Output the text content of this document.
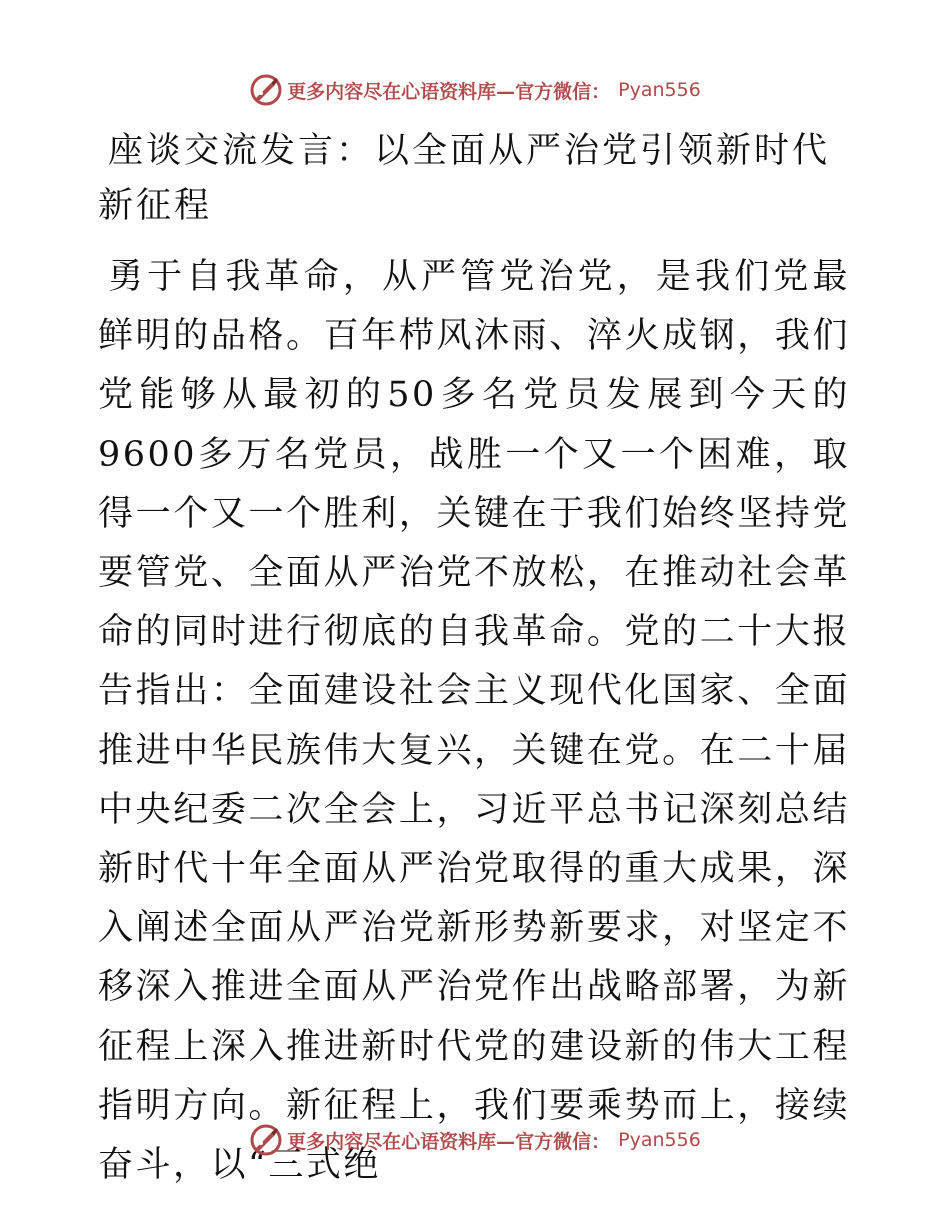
更多内容尽在心语资料库—官方微信： Pyan556
座谈交流发言：以全面从严治党引领新时代新征程

勇于自我革命，从严管党治党，是我们党最鲜明的品格。百年栉风沐雨、淬火成钢，我们党能够从最初的50多名党员发展到今天的9600多万名党员，战胜一个又一个困难，取得一个又一个胜利，关键在于我们始终坚持党要管党、全面从严治党不放松，在推动社会革命的同时进行彻底的自我革命。党的二十大报告指出：全面建设社会主义现代化国家、全面推进中华民族伟大复兴，关键在党。在二十届中央纪委二次全会上，习近平总书记深刻总结新时代十年全面从严治党取得的重大成果，深入阐述全面从严治党新形势新要求，对坚定不移深入推进全面从严治党作出战略部署，为新征程上深入推进新时代党的建设新的伟大工程指明方向。新征程上，我们要乘势而上，接续奋斗，以“三式绝

更多内容尽在心语资料库—官方微信： Pyan556
